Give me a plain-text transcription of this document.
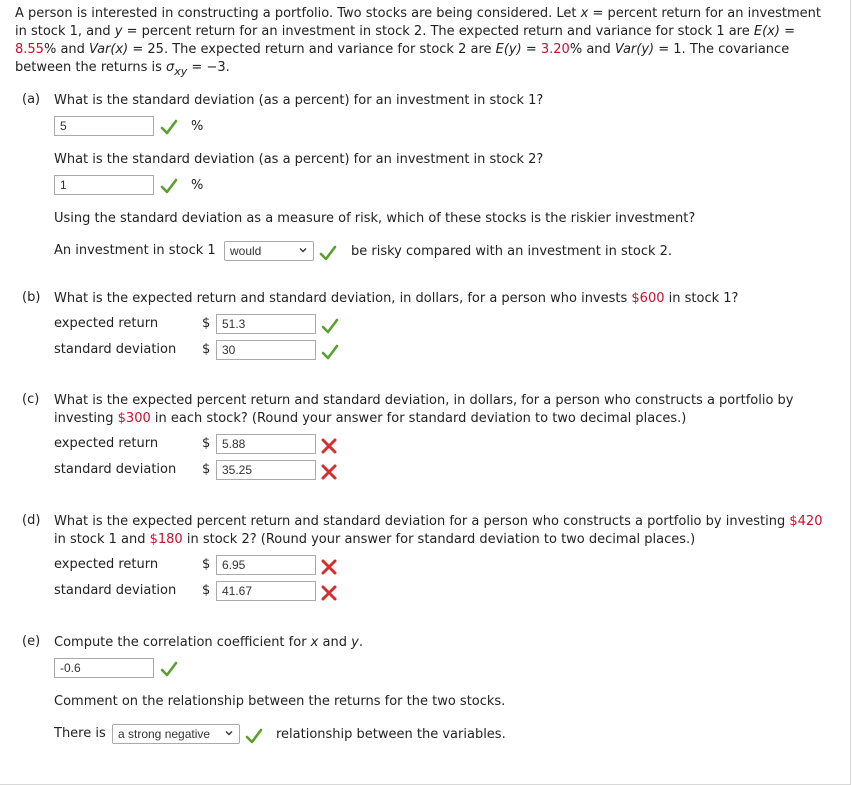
A person is interested in constructing a portfolio. Two stocks are being considered. Let x = percent return for an investment in stock 1, and y = percent return for an investment in stock 2. The expected return and variance for stock 1 are E(x) = 8.55% and Var(x) = 25. The expected return and variance for stock 2 are E(y) = 3.20% and Var(y) = 1. The covariance between the returns is $\sigma_{xy} = -3$.
(a) What is the standard deviation (as a percent) for an investment in stock 1?
5	%
What is the standard deviation (as a percent) for an investment in stock 2?
1	%
Using the standard deviation as a measure of risk, which of these stocks is the riskier investment?
An investment in stock 1	would	be risky compared with an investment in stock 2.
(b) What is the expected return and standard deviation, in dollars, for a person who invests $600 in stock 1?
expected return	$ 51.3
standard deviation $ 30
(c) What is the expected percent return and standard deviation, in dollars, for a person who constructs a portfolio by investing $300 in each stock? (Round your answer for standard deviation to two decimal places.)
expected return	$ 5.88
standard deviation $ 35.25
(d) What is the expected percent return and standard deviation for a person who constructs a portfolio by investing $420 in stock 1 and $180 in stock 2? (Round your answer for standard deviation to two decimal places.)
expected return	$ 6.95
standard deviation $ 41.67
(e) Compute the correlation coefficient for x and y.
-0.6
Comment on the relationship between the returns for the two stocks.
There is	a strong negative	relationship between the variables.
